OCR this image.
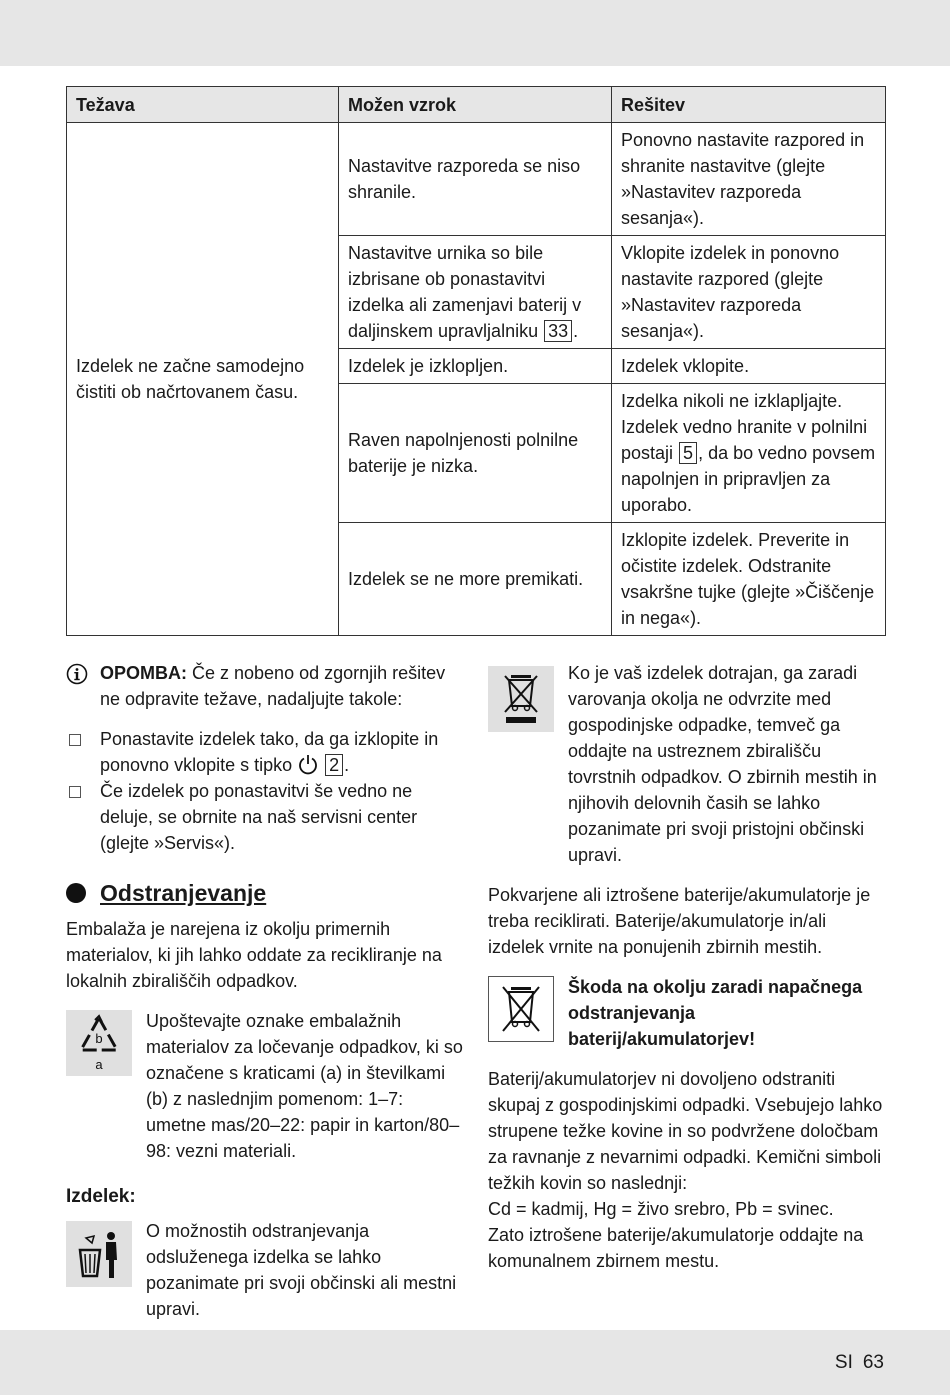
Težava	Možen vzrok	Rešitev
Izdelek ne začne samodejno čistiti ob načrtovanem času.	Nastavitve razporeda se niso shranile.	Ponovno nastavite razpored in shranite nastavitve (glejte »Nastavitev razporeda sesanja«).
	Nastavitve urnika so bile izbrisane ob ponastavitvi izdelka ali zamenjavi baterij v daljinskem upravljalniku 33 .	Vklopite izdelek in ponovno nastavite razpored (glejte »Nastavitev razporeda sesanja«).
	Izdelek je izklopljen.	Izdelek vklopite.
	Raven napolnjenosti polnilne baterije je nizka.	Izdelka nikoli ne izklapljajte. Izdelek vedno hranite v polnilni postaji 5 , da bo vedno povsem napolnjen in pripravljen za uporabo.
	Izdelek se ne more premikati.	Izklopite izdelek. Preverite in očistite izdelek. Odstranite vsakršne tujke (glejte »Čiščenje in nega«).

OPOMBA: Če z nobeno od zgornjih rešitev ne odpravite težave, nadaljujte takole:

Ponastavite izdelek tako, da ga izklopite in ponovno vklopite s tipko  2 .

Če izdelek po ponastavitvi še vedno ne deluje, se obrnite na naš servisni center (glejte »Servis«).

Odstranjevanje

Embalaža je narejena iz okolju primernih materialov, ki jih lahko oddate za recikliranje na lokalnih zbirališčih odpadkov.

b
a

Upoštevajte oznake embalažnih materialov za ločevanje odpadkov, ki so označene s kraticami (a) in številkami (b) z naslednjim pomenom: 1–7: umetne mas/20–22: papir in karton/80–98: vezni materiali.

Izdelek:

O možnostih odstranjevanja odsluženega izdelka se lahko pozanimate pri svoji občinski ali mestni upravi.

Ko je vaš izdelek dotrajan, ga zaradi varovanja okolja ne odvrzite med gospodinjske odpadke, temveč ga oddajte na ustreznem zbirališču tovrstnih odpadkov. O zbirnih mestih in njihovih delovnih časih se lahko pozanimate pri svoji pristojni občinski upravi.

Pokvarjene ali iztrošene baterije/akumulatorje je treba reciklirati. Baterije/akumulatorje in/ali izdelek vrnite na ponujenih zbirnih mestih.

Škoda na okolju zaradi napačnega odstranjevanja baterij/akumulatorjev!

Baterij/akumulatorjev ni dovoljeno odstraniti skupaj z gospodinjskimi odpadki. Vsebujejo lahko strupene težke kovine in so podvržene določbam za ravnanje z nevarnimi odpadki. Kemični simboli težkih kovin so naslednji:

Cd = kadmij, Hg = živo srebro, Pb = svinec.

Zato iztrošene baterije/akumulatorje oddajte na komunalnem zbirnem mestu.

SI 63
